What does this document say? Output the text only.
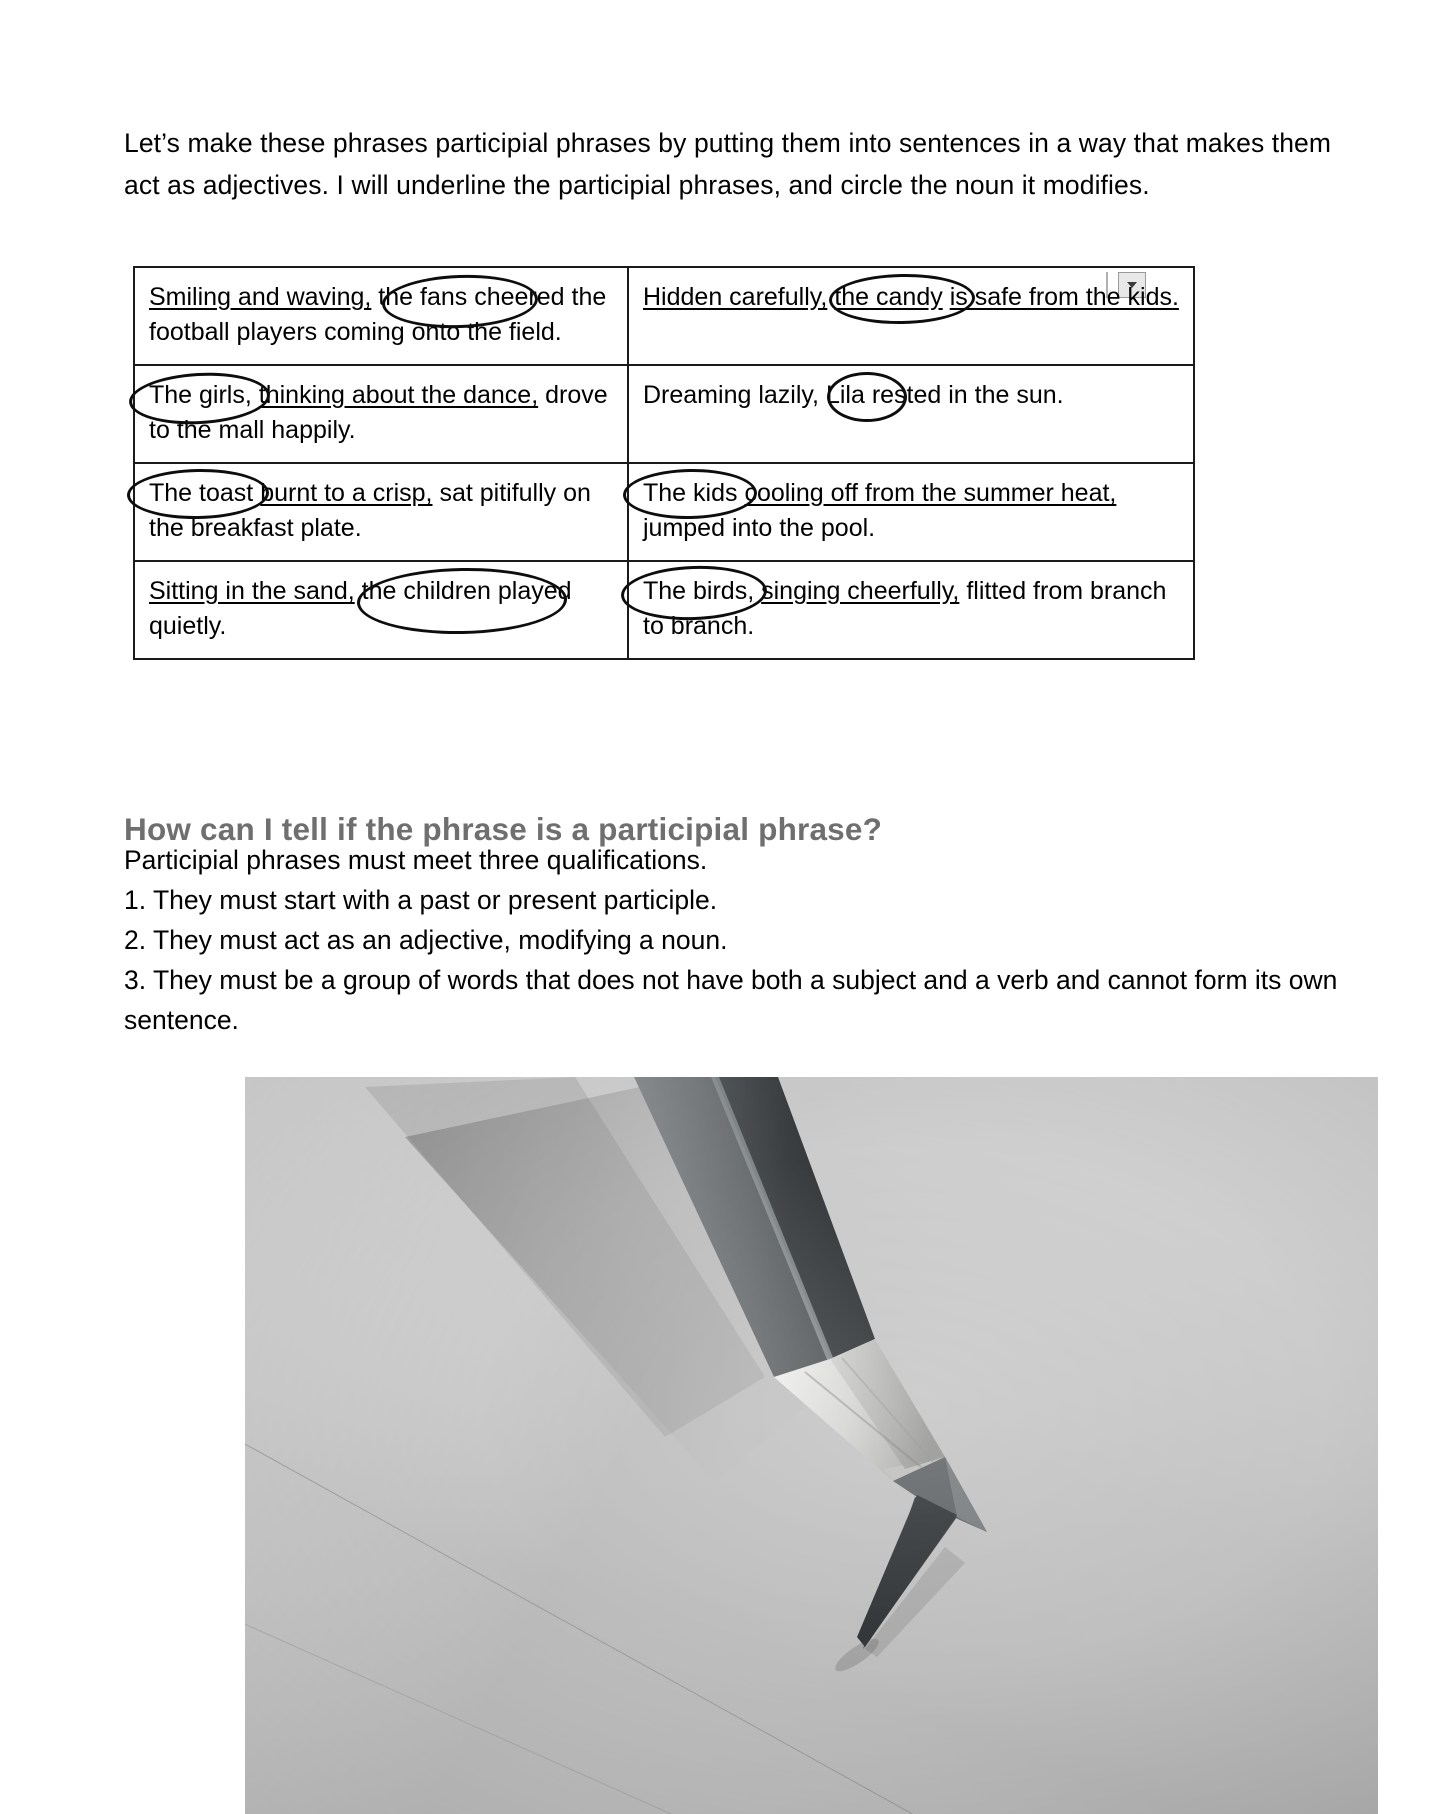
Let’s make these phrases participial phrases by putting them into sentences in a way that makes them act as adjectives. I will underline the participial phrases, and circle the noun it modifies.

Smiling and waving, the fans cheered the football players coming onto the field.	Hidden carefully, the candy is safe from the kids.

The girls, thinking about the dance, drove to the mall happily.	Dreaming lazily, Lila rested in the sun.

The toast burnt to a crisp, sat pitifully on the breakfast plate.	The kids cooling off from the summer heat, jumped into the pool.

Sitting in the sand, the children played quietly.	The birds, singing cheerfully, flitted from branch to branch.
How can I tell if the phrase is a participial phrase?
Participial phrases must meet three qualifications.
1. They must start with a past or present participle.
2. They must act as an adjective, modifying a noun.
3. They must be a group of words that does not have both a subject and a verb and cannot form its own sentence.
